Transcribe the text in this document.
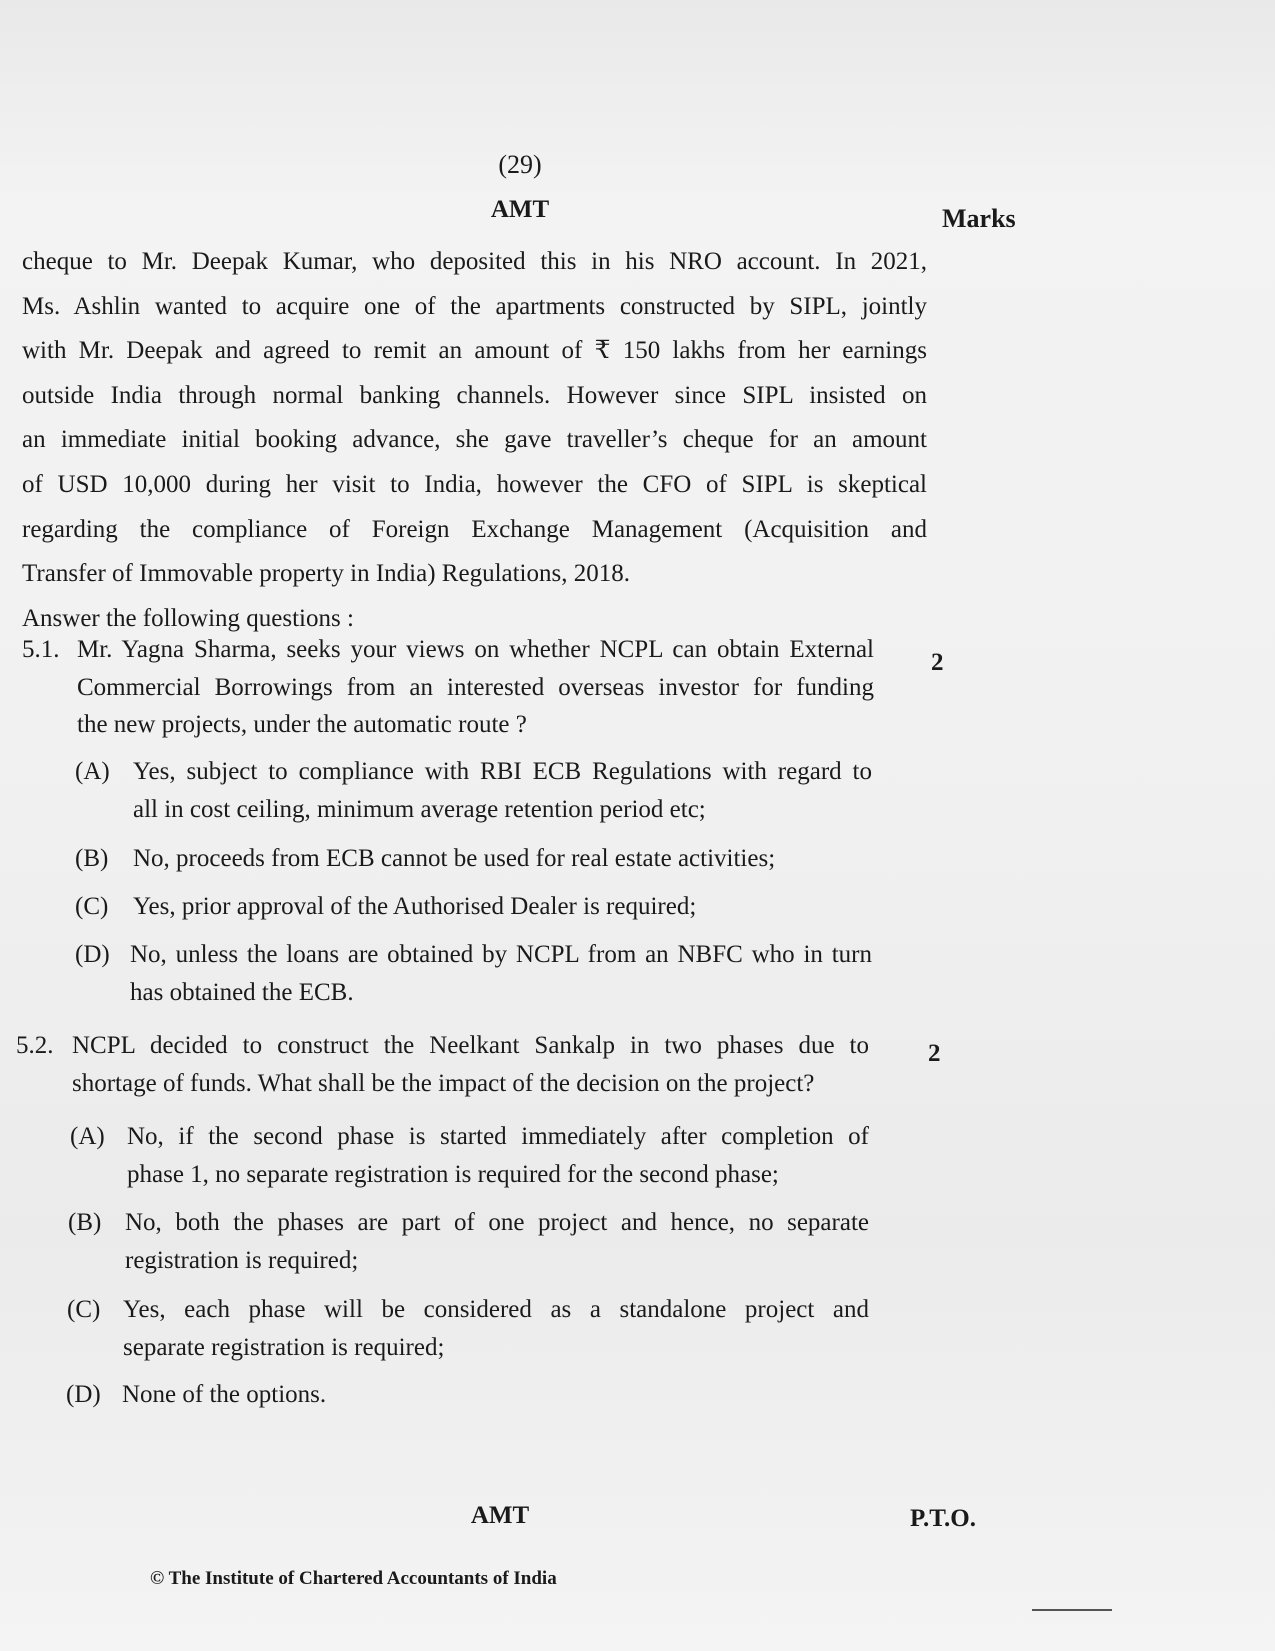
(29)
AMT	Marks

cheque to Mr. Deepak Kumar, who deposited this in his NRO account. In 2021,

Ms. Ashlin wanted to acquire one of the apartments constructed by SIPL, jointly

with Mr. Deepak and agreed to remit an amount of ₹ 150 lakhs from her earnings

outside India through normal banking channels. However since SIPL insisted on

an immediate initial booking advance, she gave traveller’s cheque for an amount

of USD 10,000 during her visit to India, however the CFO of SIPL is skeptical

regarding the compliance of Foreign Exchange Management (Acquisition and

Transfer of Immovable property in India) Regulations, 2018.

Answer the following questions :
5.1. Mr. Yagna Sharma, seeks your views on whether NCPL can obtain External
Commercial Borrowings from an interested overseas investor for funding
the new projects, under the automatic route ?
2
(A) Yes, subject to compliance with RBI ECB Regulations with regard to
all in cost ceiling, minimum average retention period etc;
(B) No, proceeds from ECB cannot be used for real estate activities;
(C) Yes, prior approval of the Authorised Dealer is required;
(D) No, unless the loans are obtained by NCPL from an NBFC who in turn
has obtained the ECB.
5.2. NCPL decided to construct the Neelkant Sankalp in two phases due to
shortage of funds. What shall be the impact of the decision on the project?
2
(A) No, if the second phase is started immediately after completion of
phase 1, no separate registration is required for the second phase;
(B) No, both the phases are part of one project and hence, no separate
registration is required;
(C) Yes, each phase will be considered as a standalone project and
separate registration is required;
(D) None of the options.
AMT	P.T.O.
© The Institute of Chartered Accountants of India
